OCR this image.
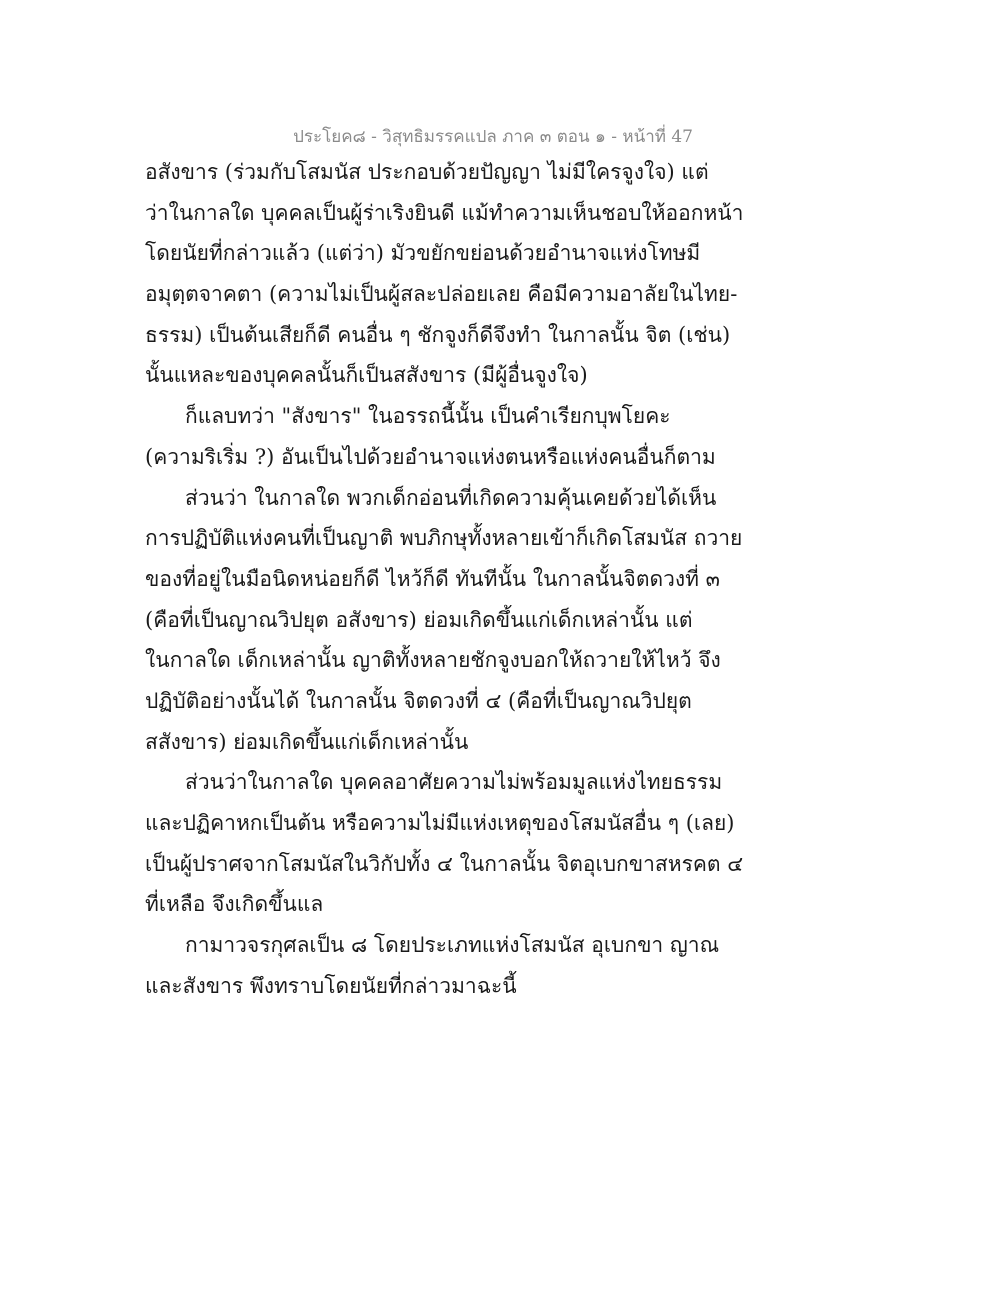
ประโยค๘ - วิสุทธิมรรคแปล ภาค ๓ ตอน ๑ - หน้าที่ 47
อสังขาร (ร่วมกับโสมนัส ประกอบด้วยปัญญา ไม่มีใครจูงใจ) แต่
ว่าในกาลใด บุคคลเป็นผู้ร่าเริงยินดี แม้ทำความเห็นชอบให้ออกหน้า
โดยนัยที่กล่าวแล้ว (แต่ว่า) มัวขยักขย่อนด้วยอำนาจแห่งโทษมี
อมุตฺตจาคตา (ความไม่เป็นผู้สละปล่อยเลย คือมีความอาลัยในไทย-
ธรรม) เป็นต้นเสียก็ดี คนอื่น ๆ ชักจูงก็ดีจึงทำ ในกาลนั้น จิต (เช่น)
นั้นแหละของบุคคลนั้นก็เป็นสสังขาร (มีผู้อื่นจูงใจ)
ก็แลบทว่า "สังขาร" ในอรรถนี้นั้น เป็นคำเรียกบุพโยคะ
(ความริเริ่ม ?) อันเป็นไปด้วยอำนาจแห่งตนหรือแห่งคนอื่นก็ตาม
ส่วนว่า ในกาลใด พวกเด็กอ่อนที่เกิดความคุ้นเคยด้วยได้เห็น
การปฏิบัติแห่งคนที่เป็นญาติ พบภิกษุทั้งหลายเข้าก็เกิดโสมนัส ถวาย
ของที่อยู่ในมือนิดหน่อยก็ดี ไหว้ก็ดี ทันทีนั้น ในกาลนั้นจิตดวงที่ ๓
(คือที่เป็นญาณวิปยุต อสังขาร) ย่อมเกิดขึ้นแก่เด็กเหล่านั้น แต่
ในกาลใด เด็กเหล่านั้น ญาติทั้งหลายชักจูงบอกให้ถวายให้ไหว้ จึง
ปฏิบัติอย่างนั้นได้ ในกาลนั้น จิตดวงที่ ๔ (คือที่เป็นญาณวิปยุต
สสังขาร) ย่อมเกิดขึ้นแก่เด็กเหล่านั้น
ส่วนว่าในกาลใด บุคคลอาศัยความไม่พร้อมมูลแห่งไทยธรรม
และปฏิคาหกเป็นต้น หรือความไม่มีแห่งเหตุของโสมนัสอื่น ๆ (เลย)
เป็นผู้ปราศจากโสมนัสในวิกัปทั้ง ๔ ในกาลนั้น จิตอุเบกขาสหรคต ๔
ที่เหลือ จึงเกิดขึ้นแล
กามาวจรกุศลเป็น ๘ โดยประเภทแห่งโสมนัส อุเบกขา ญาณ
และสังขาร พึงทราบโดยนัยที่กล่าวมาฉะนี้
